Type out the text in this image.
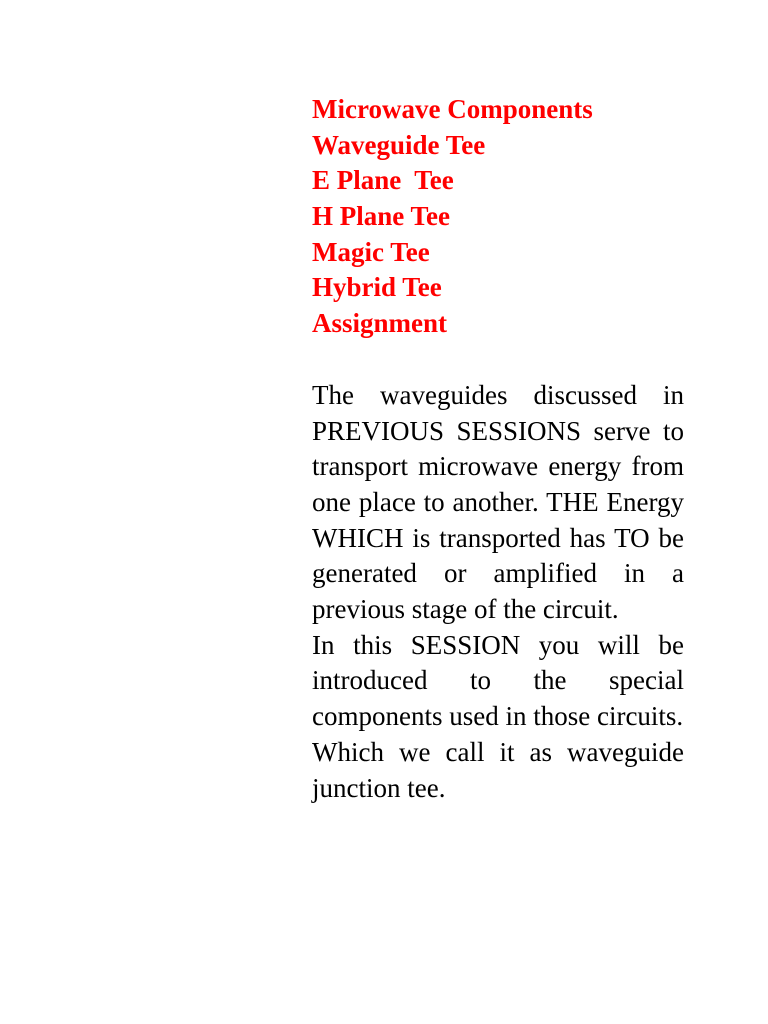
Microwave Components
Waveguide Tee
E Plane  Tee
H Plane Tee
Magic Tee
Hybrid Tee
Assignment

The waveguides discussed in PREVIOUS SESSIONS serve to transport microwave energy from one place to another. THE Energy WHICH is transported has TO be generated or amplified in a previous stage of the circuit.

In this SESSION you will be introduced to the special components used in those circuits.

Which we call it as waveguide junction tee.
